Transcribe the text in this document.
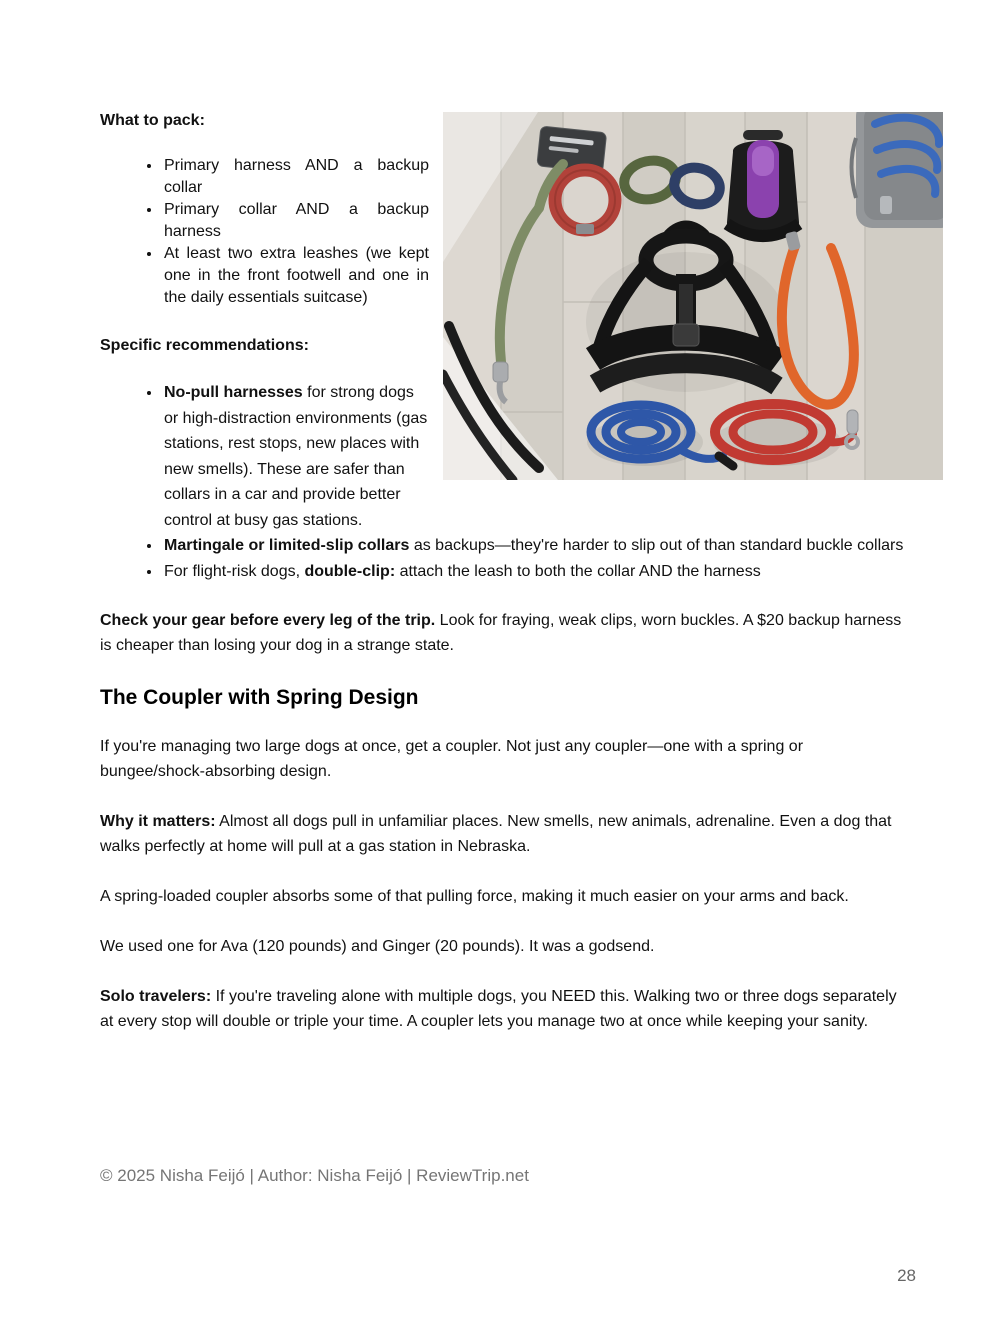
What to pack:
• Primary harness AND a backup collar
• Primary collar AND a backup harness
• At least two extra leashes (we kept one in the front footwell and one in the daily essentials suitcase)
Specific recommendations:
• No-pull harnesses for strong dogs or high-distraction environments (gas stations, rest stops, new places with new smells). These are safer than collars in a car and provide better control at busy gas stations.
• Martingale or limited-slip collars as backups—they're harder to slip out of than standard buckle collars
• For flight-risk dogs, double-clip: attach the leash to both the collar AND the harness

Check your gear before every leg of the trip. Look for fraying, weak clips, worn buckles. A $20 backup harness is cheaper than losing your dog in a strange state.

The Coupler with Spring Design

If you're managing two large dogs at once, get a coupler. Not just any coupler—one with a spring or bungee/shock-absorbing design.

Why it matters: Almost all dogs pull in unfamiliar places. New smells, new animals, adrenaline. Even a dog that walks perfectly at home will pull at a gas station in Nebraska.

A spring-loaded coupler absorbs some of that pulling force, making it much easier on your arms and back.

We used one for Ava (120 pounds) and Ginger (20 pounds). It was a godsend.

Solo travelers: If you're traveling alone with multiple dogs, you NEED this. Walking two or three dogs separately at every stop will double or triple your time. A coupler lets you manage two at once while keeping your sanity.

© 2025 Nisha Feijó | Author: Nisha Feijó | ReviewTrip.net
28
